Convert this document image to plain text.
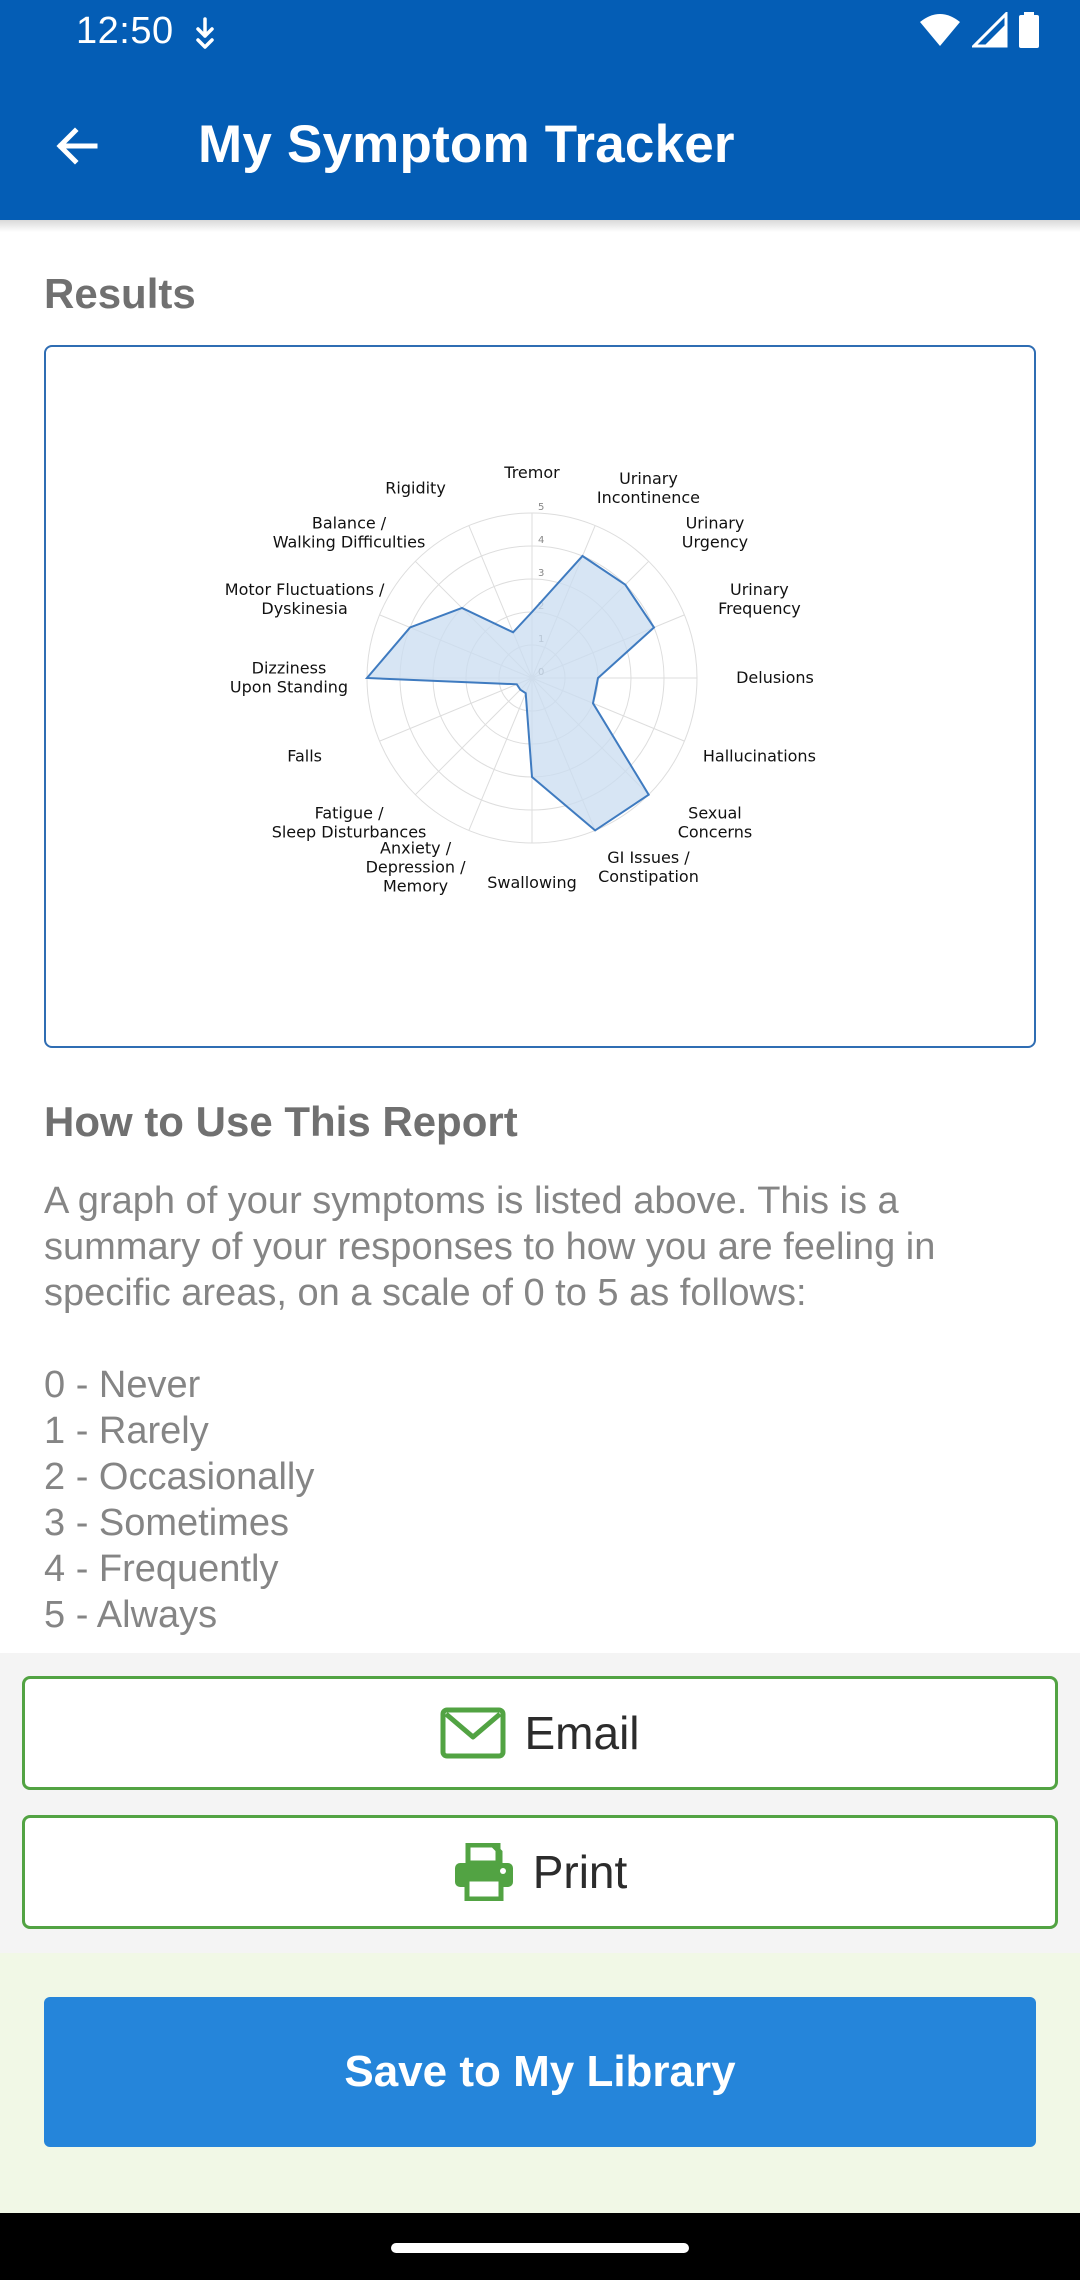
12:50
My Symptom Tracker
Results
3
4
5
Tremor	Urinary Incontinence
Urinary Urgency
Urinary Frequency
Delusions
Hallucinations
Sexual Concerns
GI Issues / Constipation
Swallowing
Anxiety / Depression / Memory
Fatigue / Sleep Disturbances
Falls
Dizziness Upon Standing
Motor Fluctuations / Dyskinesia
Balance / Walking Difficulties
Rigidity
How to Use This Report

A graph of your symptoms is listed above. This is a summary of your responses to how you are feeling in specific areas, on a scale of 0 to 5 as follows:

0 - Never
1 - Rarely
2 - Occasionally
3 - Sometimes
4 - Frequently
5 - Always
Email
Print
Save to My Library
